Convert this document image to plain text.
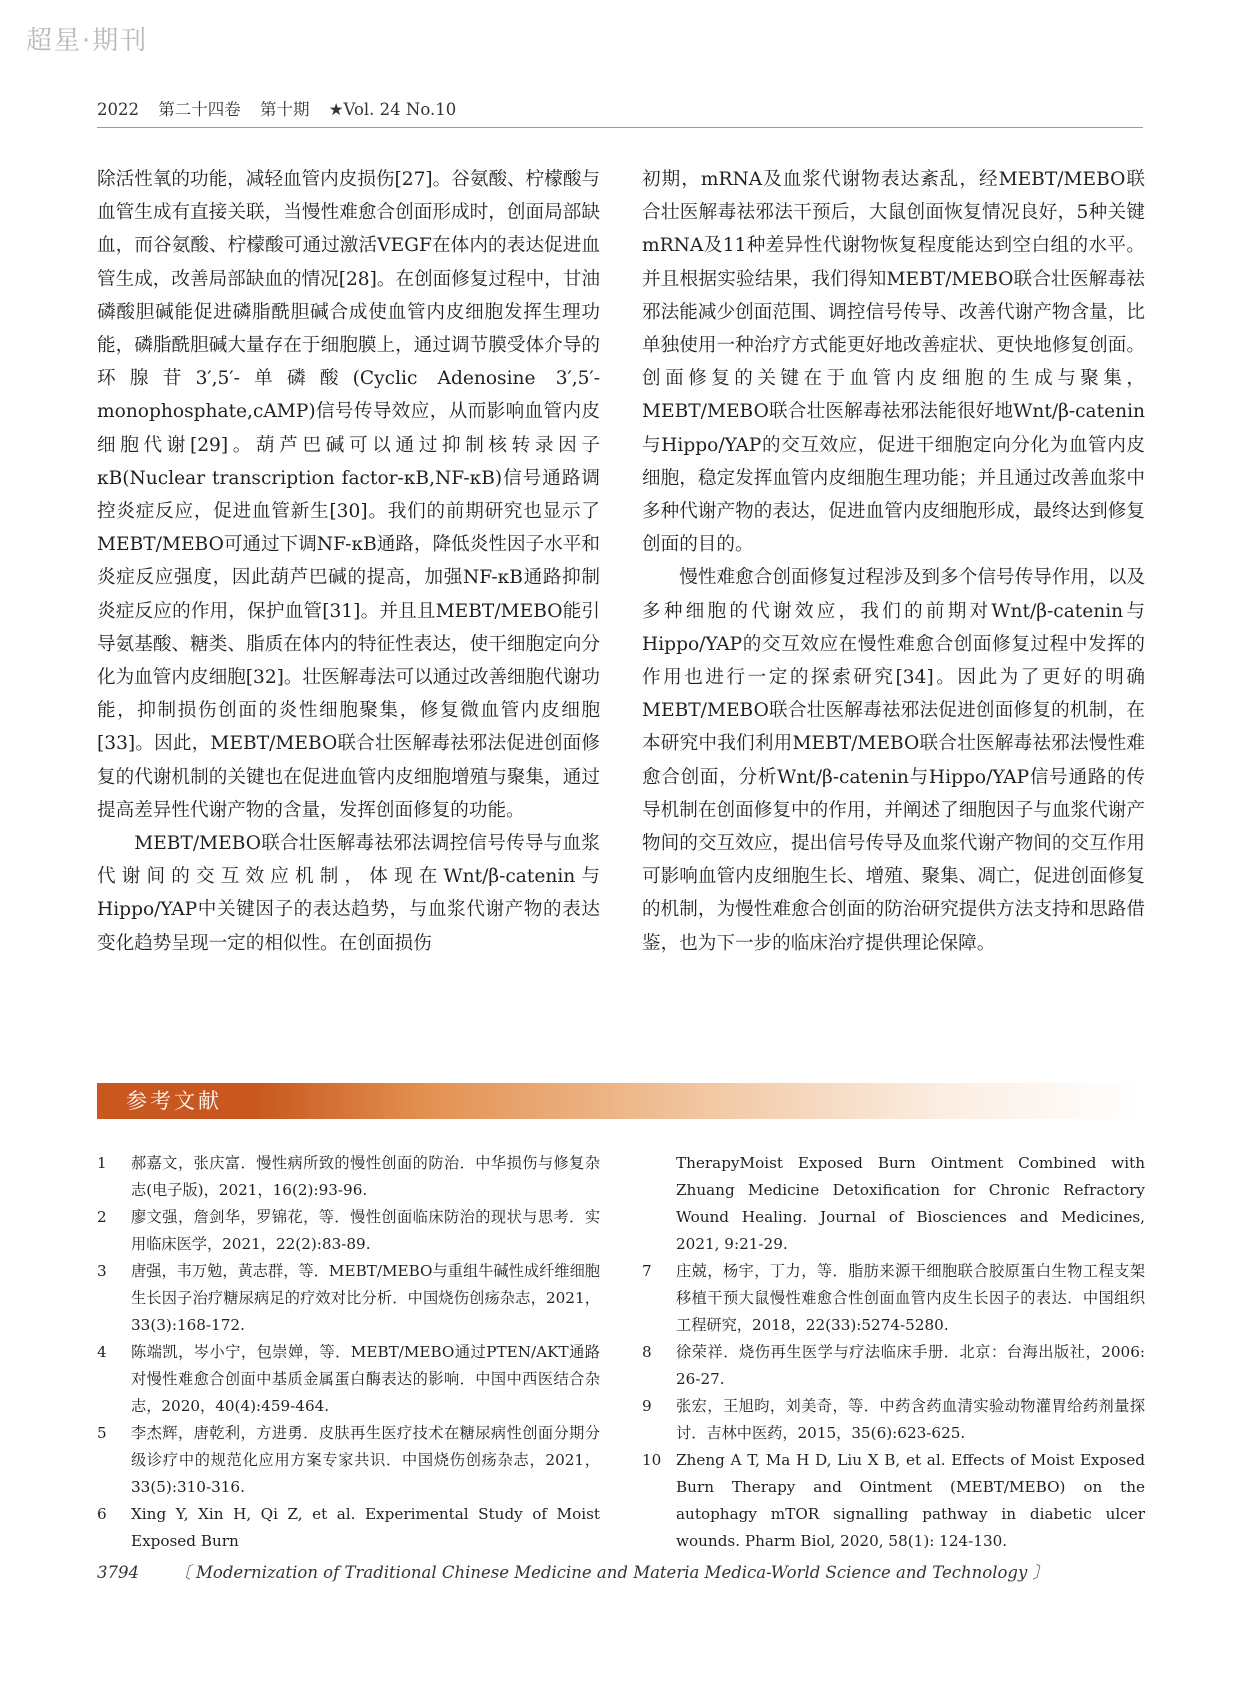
超星·期刊
2022 第二十四卷 第十期 ★Vol. 24 No.10

除活性氧的功能，减轻血管内皮损伤[27]。谷氨酸、柠檬酸与血管生成有直接关联，当慢性难愈合创面形成时，创面局部缺血，而谷氨酸、柠檬酸可通过激活VEGF在体内的表达促进血管生成，改善局部缺血的情况[28]。在创面修复过程中，甘油磷酸胆碱能促进磷脂酰胆碱合成使血管内皮细胞发挥生理功能，磷脂酰胆碱大量存在于细胞膜上，通过调节膜受体介导的环腺苷3′,5′-单磷酸(Cyclic Adenosine 3′,5′-monophosphate,cAMP)信号传导效应，从而影响血管内皮细胞代谢[29]。葫芦巴碱可以通过抑制核转录因子κB(Nuclear transcription factor-κB,NF-κB)信号通路调控炎症反应，促进血管新生[30]。我们的前期研究也显示了MEBT/MEBO可通过下调NF-κB通路，降低炎性因子水平和炎症反应强度，因此葫芦巴碱的提高，加强NF-κB通路抑制炎症反应的作用，保护血管[31]。并且且MEBT/MEBO能引导氨基酸、糖类、脂质在体内的特征性表达，使干细胞定向分化为血管内皮细胞[32]。壮医解毒法可以通过改善细胞代谢功能，抑制损伤创面的炎性细胞聚集，修复微血管内皮细胞[33]。因此，MEBT/MEBO联合壮医解毒祛邪法促进创面修复的代谢机制的关键也在促进血管内皮细胞增殖与聚集，通过提高差异性代谢产物的含量，发挥创面修复的功能。

MEBT/MEBO联合壮医解毒祛邪法调控信号传导与血浆代谢间的交互效应机制，体现在Wnt/β-catenin与Hippo/YAP中关键因子的表达趋势，与血浆代谢产物的表达变化趋势呈现一定的相似性。在创面损伤

初期，mRNA及血浆代谢物表达紊乱，经MEBT/MEBO联合壮医解毒祛邪法干预后，大鼠创面恢复情况良好，5种关键mRNA及11种差异性代谢物恢复程度能达到空白组的水平。并且根据实验结果，我们得知MEBT/MEBO联合壮医解毒祛邪法能减少创面范围、调控信号传导、改善代谢产物含量，比单独使用一种治疗方式能更好地改善症状、更快地修复创面。创面修复的关键在于血管内皮细胞的生成与聚集，MEBT/MEBO联合壮医解毒祛邪法能很好地Wnt/β-catenin与Hippo/YAP的交互效应，促进干细胞定向分化为血管内皮细胞，稳定发挥血管内皮细胞生理功能；并且通过改善血浆中多种代谢产物的表达，促进血管内皮细胞形成，最终达到修复创面的目的。

慢性难愈合创面修复过程涉及到多个信号传导作用，以及多种细胞的代谢效应，我们的前期对Wnt/β-catenin与Hippo/YAP的交互效应在慢性难愈合创面修复过程中发挥的作用也进行一定的探索研究[34]。因此为了更好的明确MEBT/MEBO联合壮医解毒祛邪法促进创面修复的机制，在本研究中我们利用MEBT/MEBO联合壮医解毒祛邪法慢性难愈合创面，分析Wnt/β-catenin与Hippo/YAP信号通路的传导机制在创面修复中的作用，并阐述了细胞因子与血浆代谢产物间的交互效应，提出信号传导及血浆代谢产物间的交互作用可影响血管内皮细胞生长、增殖、聚集、凋亡，促进创面修复的机制，为慢性难愈合创面的防治研究提供方法支持和思路借鉴，也为下一步的临床治疗提供理论保障。

参考文献
1	郝嘉文，张庆富．慢性病所致的慢性创面的防治．中华损伤与修复杂志(电子版)，2021，16(2):93-96.
2	廖文强，詹剑华，罗锦花，等．慢性创面临床防治的现状与思考．实用临床医学，2021，22(2):83-89.
3	唐强，韦万勉，黄志群，等．MEBT/MEBO与重组牛碱性成纤维细胞生长因子治疗糖尿病足的疗效对比分析．中国烧伤创疡杂志，2021，33(3):168-172.
4	陈端凯，岑小宁，包崇婵，等．MEBT/MEBO通过PTEN/AKT通路对慢性难愈合创面中基质金属蛋白酶表达的影响．中国中西医结合杂志，2020，40(4):459-464.
5	李杰辉，唐乾利，方进勇．皮肤再生医疗技术在糖尿病性创面分期分级诊疗中的规范化应用方案专家共识．中国烧伤创疡杂志，2021，33(5):310-316.
6	Xing Y, Xin H, Qi Z, et al. Experimental Study of Moist Exposed Burn
TherapyMoist Exposed Burn Ointment Combined with Zhuang Medicine Detoxification for Chronic Refractory Wound Healing. Journal of Biosciences and Medicines, 2021, 9:21-29.
7	庄兢，杨宇，丁力，等．脂肪来源干细胞联合胶原蛋白生物工程支架移植干预大鼠慢性难愈合性创面血管内皮生长因子的表达．中国组织工程研究，2018，22(33):5274-5280.
8	徐荣祥．烧伤再生医学与疗法临床手册．北京：台海出版社，2006: 26-27.
9	张宏，王旭昀，刘美奇，等．中药含药血清实验动物灌胃给药剂量探讨．吉林中医药，2015，35(6):623-625.
10 Zheng A T, Ma H D, Liu X B, et al. Effects of Moist Exposed Burn Therapy and Ointment (MEBT/MEBO) on the autophagy mTOR signalling pathway in diabetic ulcer wounds. Pharm Biol, 2020, 58(1): 124-130.
3794 〔 Modernization of Traditional Chinese Medicine and Materia Medica-World Science and Technology 〕
